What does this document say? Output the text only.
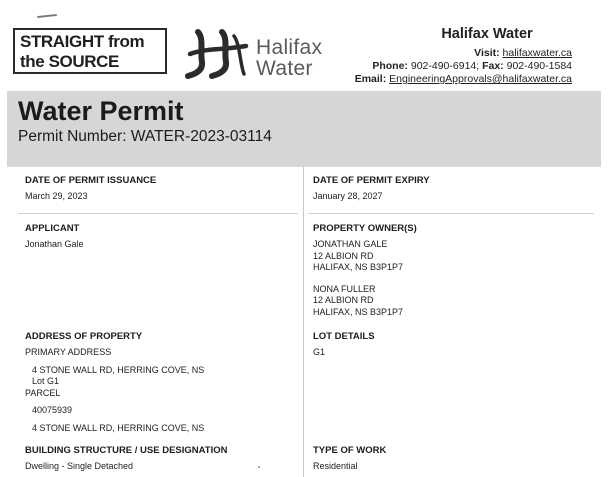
STRAIGHT from
the SOURCE
Halifax
Water
Halifax Water
Visit: halifaxwater.ca
Phone: 902-490-6914; Fax: 902-490-1584
Email: EngineeringApprovals@halifaxwater.ca
Water Permit
Permit Number: WATER-2023-03114
DATE OF PERMIT ISSUANCE
March 29, 2023
DATE OF PERMIT EXPIRY
January 28, 2027
APPLICANT
Jonathan Gale
PROPERTY OWNER(S)
JONATHAN GALE
12 ALBION RD
HALIFAX, NS B3P1P7
NONA FULLER
12 ALBION RD
HALIFAX, NS B3P1P7
ADDRESS OF PROPERTY
PRIMARY ADDRESS
4 STONE WALL RD, HERRING COVE, NS
Lot G1
PARCEL
40075939
4 STONE WALL RD, HERRING COVE, NS
LOT DETAILS
G1
BUILDING STRUCTURE / USE DESIGNATION
Dwelling - Single Detached
TYPE OF WORK
Residential
